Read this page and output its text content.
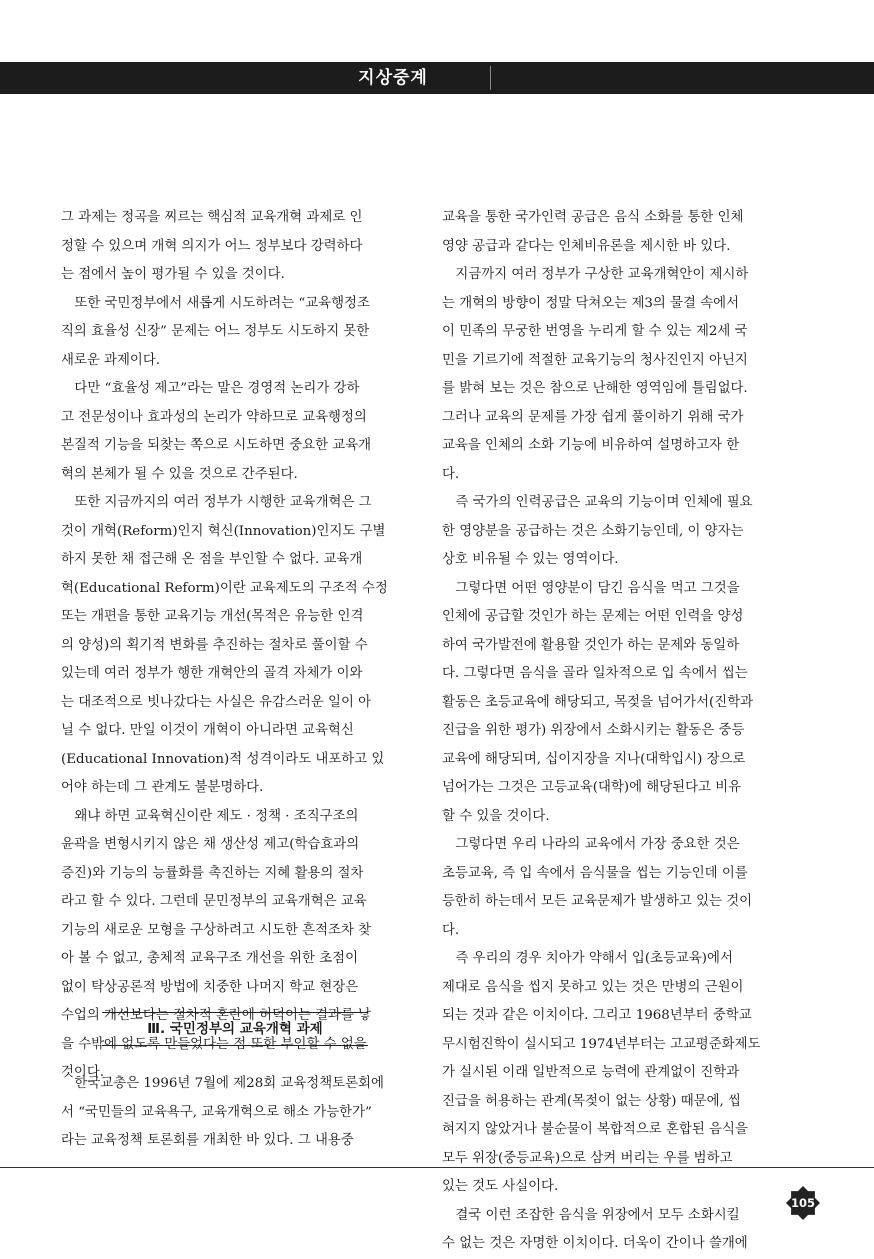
지상중계
그 과제는 정곡을 찌르는 핵심적 교육개혁 과제로 인
정할 수 있으며 개혁 의지가 어느 정부보다 강력하다
는 점에서 높이 평가될 수 있을 것이다.
　또한 국민정부에서 새롭게 시도하려는 “교육행정조
직의 효율성 신장” 문제는 어느 정부도 시도하지 못한
새로운 과제이다.
　다만 “효율성 제고”라는 말은 경영적 논리가 강하
고 전문성이나 효과성의 논리가 약하므로 교육행정의
본질적 기능을 되찾는 쪽으로 시도하면 중요한 교육개
혁의 본체가 될 수 있을 것으로 간주된다.
　또한 지금까지의 여러 정부가 시행한 교육개혁은 그
것이 개혁(Reform)인지 혁신(Innovation)인지도 구별
하지 못한 채 접근해 온 점을 부인할 수 없다. 교육개
혁(Educational Reform)이란 교육제도의 구조적 수정
또는 개편을 통한 교육기능 개선(목적은 유능한 인격
의 양성)의 획기적 변화를 추진하는 절차로 풀이할 수
있는데 여러 정부가 행한 개혁안의 골격 자체가 이와
는 대조적으로 빗나갔다는 사실은 유감스러운 일이 아
닐 수 없다. 만일 이것이 개혁이 아니라면 교육혁신
(Educational Innovation)적 성격이라도 내포하고 있
어야 하는데 그 관계도 불분명하다.
　왜냐 하면 교육혁신이란 제도 · 정책 · 조직구조의
윤곽을 변형시키지 않은 채 생산성 제고(학습효과의
증진)와 기능의 능률화를 촉진하는 지혜 활용의 절차
라고 할 수 있다. 그런데 문민정부의 교육개혁은 교육
기능의 새로운 모형을 구상하려고 시도한 흔적조차 찾
아 볼 수 없고, 총체적 교육구조 개선을 위한 초점이
없이 탁상공론적 방법에 치중한 나머지 학교 현장은
수업의 개선보다는 절차적 혼란에 허덕이는 결과를 낳
을 수밖에 없도록 만들었다는 점 또한 부인할 수 없을
것이다.
Ⅲ. 국민정부의 교육개혁 과제
　한국교총은 1996년 7월에 제28회 교육정책토론회에
서 “국민들의 교육욕구, 교육개혁으로 해소 가능한가”
라는 교육정책 토론회를 개최한 바 있다. 그 내용중
교육을 통한 국가인력 공급은 음식 소화를 통한 인체
영양 공급과 같다는 인체비유론을 제시한 바 있다.
　지금까지 여러 정부가 구상한 교육개혁안이 제시하
는 개혁의 방향이 정말 닥쳐오는 제3의 물결 속에서
이 민족의 무궁한 번영을 누리게 할 수 있는 제2세 국
민을 기르기에 적절한 교육기능의 청사진인지 아닌지
를 밝혀 보는 것은 참으로 난해한 영역임에 틀림없다.
그러나 교육의 문제를 가장 쉽게 풀이하기 위해 국가
교육을 인체의 소화 기능에 비유하여 설명하고자 한
다.
　즉 국가의 인력공급은 교육의 기능이며 인체에 필요
한 영양분을 공급하는 것은 소화기능인데, 이 양자는
상호 비유될 수 있는 영역이다.
　그렇다면 어떤 영양분이 담긴 음식을 먹고 그것을
인체에 공급할 것인가 하는 문제는 어떤 인력을 양성
하여 국가발전에 활용할 것인가 하는 문제와 동일하
다. 그렇다면 음식을 골라 일차적으로 입 속에서 씹는
활동은 초등교육에 해당되고, 목젖을 넘어가서(진학과
진급을 위한 평가) 위장에서 소화시키는 활동은 중등
교육에 해당되며, 십이지장을 지나(대학입시) 장으로
넘어가는 그것은 고등교육(대학)에 해당된다고 비유
할 수 있을 것이다.
　그렇다면 우리 나라의 교육에서 가장 중요한 것은
초등교육, 즉 입 속에서 음식물을 씹는 기능인데 이를
등한히 하는데서 모든 교육문제가 발생하고 있는 것이
다.
　즉 우리의 경우 치아가 약해서 입(초등교육)에서
제대로 음식을 씹지 못하고 있는 것은 만병의 근원이
되는 것과 같은 이치이다. 그리고 1968년부터 중학교
무시험진학이 실시되고 1974년부터는 고교평준화제도
가 실시된 이래 일반적으로 능력에 관계없이 진학과
진급을 허용하는 관계(목젖이 없는 상황) 때문에, 씹
혀지지 않았거나 불순물이 복합적으로 혼합된 음식을
모두 위장(중등교육)으로 삼켜 버리는 우를 범하고
있는 것도 사실이다.
　결국 이런 조잡한 음식을 위장에서 모두 소화시킬
수 없는 것은 자명한 이치이다. 더욱이 간이나 쓸개에
105
